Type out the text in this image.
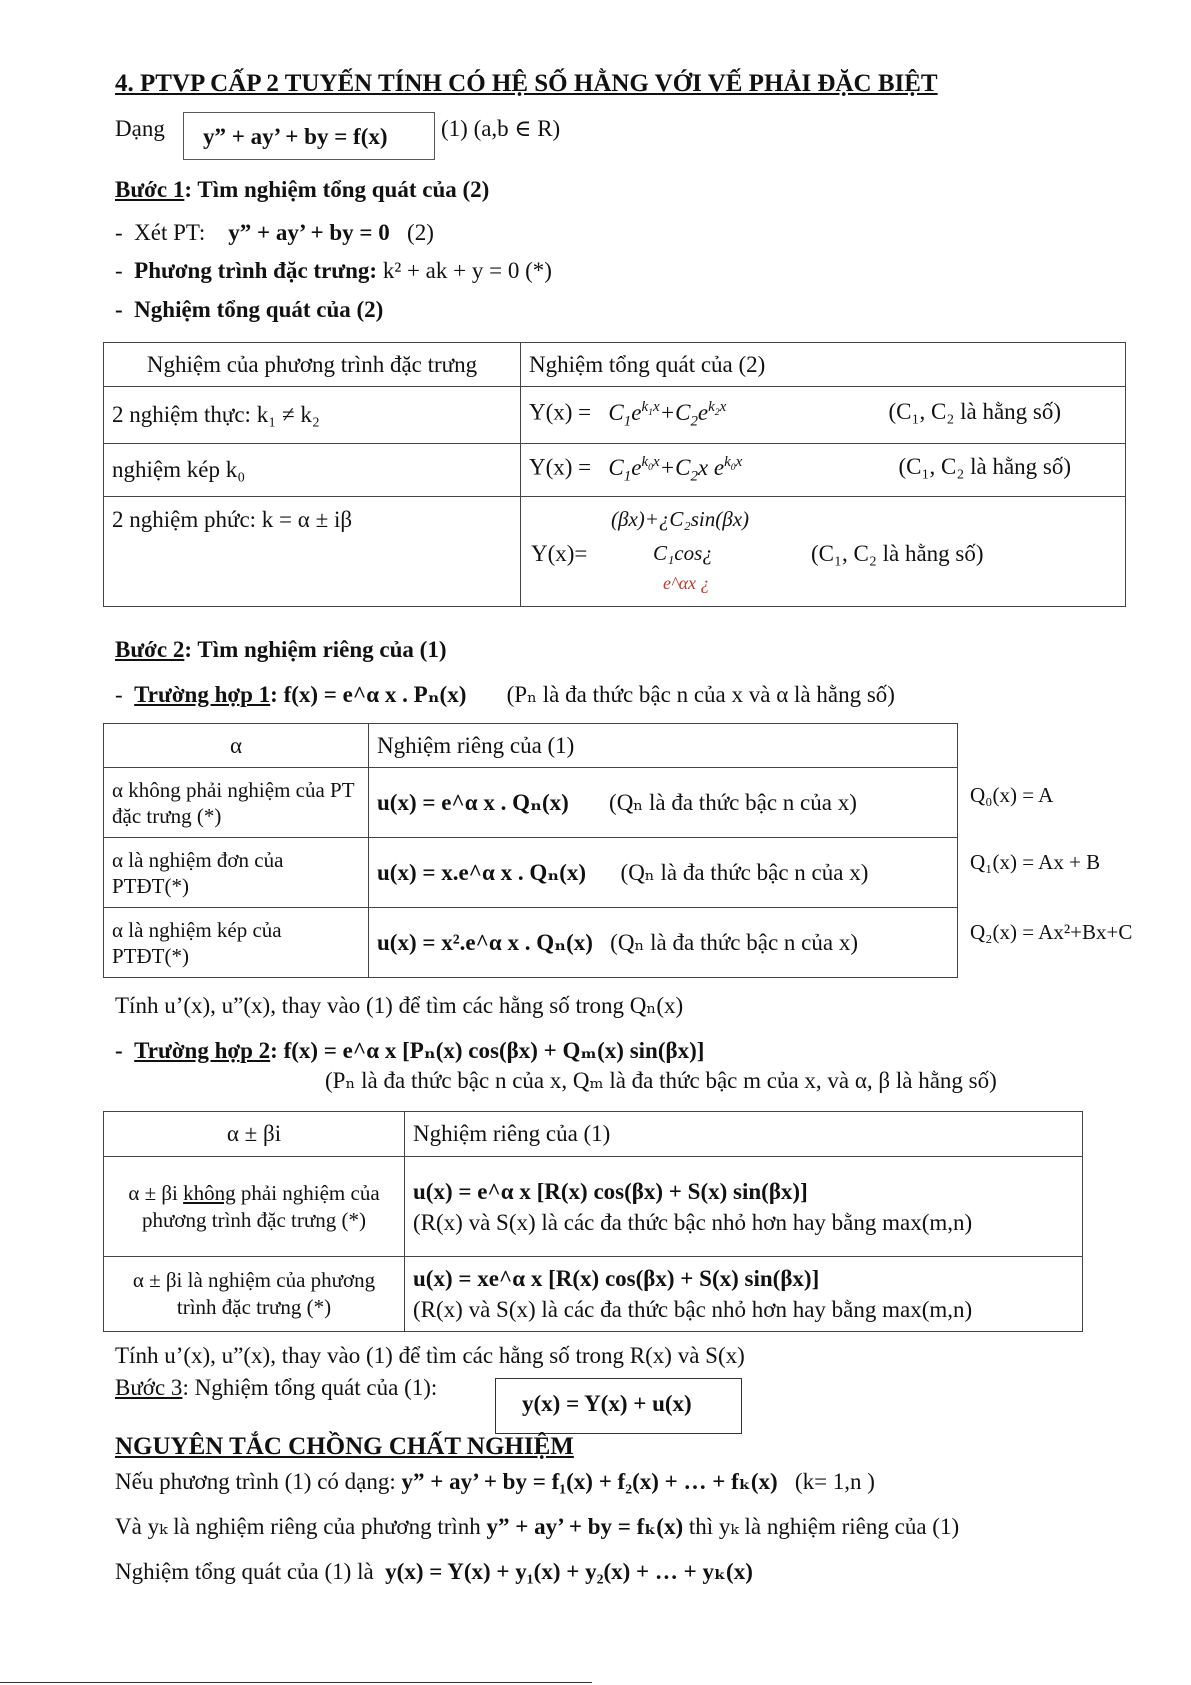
4. PTVP CẤP 2 TUYẾN TÍNH CÓ HỆ SỐ HẰNG VỚI VẾ PHẢI ĐẶC BIỆT
Dạng y” + ay’ + by = f(x) (1) (a,b ∈ R)
Bước 1: Tìm nghiệm tổng quát của (2)
-  Xét PT: y” + ay’ + by = 0 (2)
-  Phương trình đặc trưng: k² + ak + y = 0 (*)
-  Nghiệm tổng quát của (2)
Nghiệm của phương trình đặc trưng	Nghiệm tổng quát của (2)
2 nghiệm thực: k₁ ≠ k₂	$Y(x) = C_1e^{k_1x}+C_2e^{k_2x}$ (C₁, C₂ là hằng số)

nghiệm kép k₀	$Y(x) = C_1e^{k_0x}+C_2x$ $e^{k_0x}$ (C₁, C₂ là hằng số)

2 nghiệm phức: k = α ± iβ	Y(x)=
(βx)+¿C₂sin(βx)
C₁cos¿
e^αx ¿
(C₁, C₂ là hằng số)
Bước 2: Tìm nghiệm riêng của (1)
-  Trường hợp 1: f(x) = e^α x . Pₙ(x) (Pₙ là đa thức bậc n của x và α là hằng số)
α	Nghiệm riêng của (1)
α không phải nghiệm của PT đặc trưng (*)	u(x) = e^α x . Qₙ(x) (Qₙ là đa thức bậc n của x)
α là nghiệm đơn của PTĐT(*)	u(x) = x.e^α x . Qₙ(x) (Qₙ là đa thức bậc n của x)
α là nghiệm kép của PTĐT(*)	u(x) = x².e^α x . Qₙ(x) (Qₙ là đa thức bậc n của x)
Q₀(x) = A
Q₁(x) = Ax + B
Q₂(x) = Ax²+Bx+C
Tính u’(x), u”(x), thay vào (1) để tìm các hằng số trong Qₙ(x)
-  Trường hợp 2: f(x) = e^α x [Pₙ(x) cos(βx) + Qₘ(x) sin(βx)]
(Pₙ là đa thức bậc n của x, Qₘ là đa thức bậc m của x, và α, β là hằng số)
α ± βi	Nghiệm riêng của (1)
α ± βi không phải nghiệm của phương trình đặc trưng (*)	u(x) = e^α x [R(x) cos(βx) + S(x) sin(βx)]
(R(x) và S(x) là các đa thức bậc nhỏ hơn hay bằng max(m,n)
α ± βi là nghiệm của phương trình đặc trưng (*)	u(x) = xe^α x [R(x) cos(βx) + S(x) sin(βx)]
(R(x) và S(x) là các đa thức bậc nhỏ hơn hay bằng max(m,n)
Tính u’(x), u”(x), thay vào (1) để tìm các hằng số trong R(x) và S(x)
Bước 3: Nghiệm tổng quát của (1):
y(x) = Y(x) + u(x)
NGUYÊN TẮC CHỒNG CHẤT NGHIỆM
Nếu phương trình (1) có dạng: y” + ay’ + by = f₁(x) + f₂(x) + … + fₖ(x) (k= 1,n )
Và yₖ là nghiệm riêng của phương trình y” + ay’ + by = fₖ(x) thì yₖ là nghiệm riêng của (1)
Nghiệm tổng quát của (1) là y(x) = Y(x) + y₁(x) + y₂(x) + … + yₖ(x)
